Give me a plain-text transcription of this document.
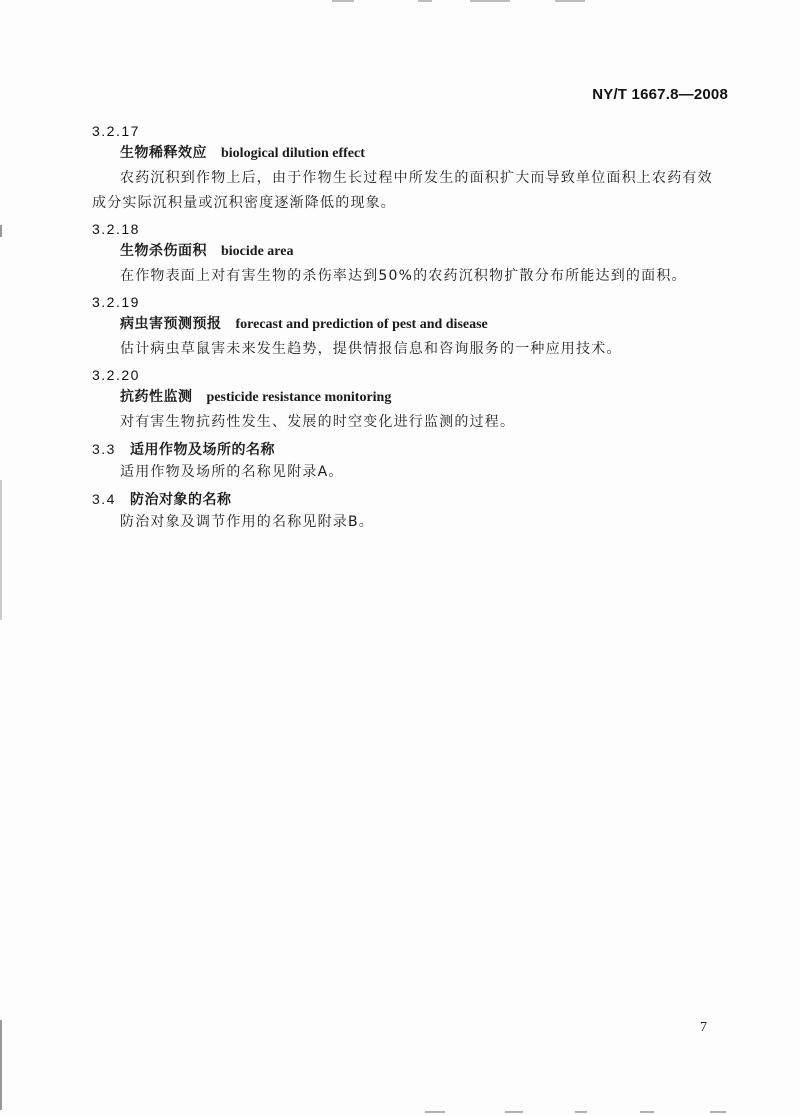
NY/T 1667.8—2008
3.2.17
生物稀释效应 biological dilution effect
农药沉积到作物上后，由于作物生长过程中所发生的面积扩大而导致单位面积上农药有效成分实际沉积量或沉积密度逐渐降低的现象。
3.2.18
生物杀伤面积 biocide area
在作物表面上对有害生物的杀伤率达到50%的农药沉积物扩散分布所能达到的面积。
3.2.19
病虫害预测预报 forecast and prediction of pest and disease
估计病虫草鼠害未来发生趋势，提供情报信息和咨询服务的一种应用技术。
3.2.20
抗药性监测 pesticide resistance monitoring
对有害生物抗药性发生、发展的时空变化进行监测的过程。
3.3 适用作物及场所的名称
适用作物及场所的名称见附录A。
3.4 防治对象的名称
防治对象及调节作用的名称见附录B。
7
